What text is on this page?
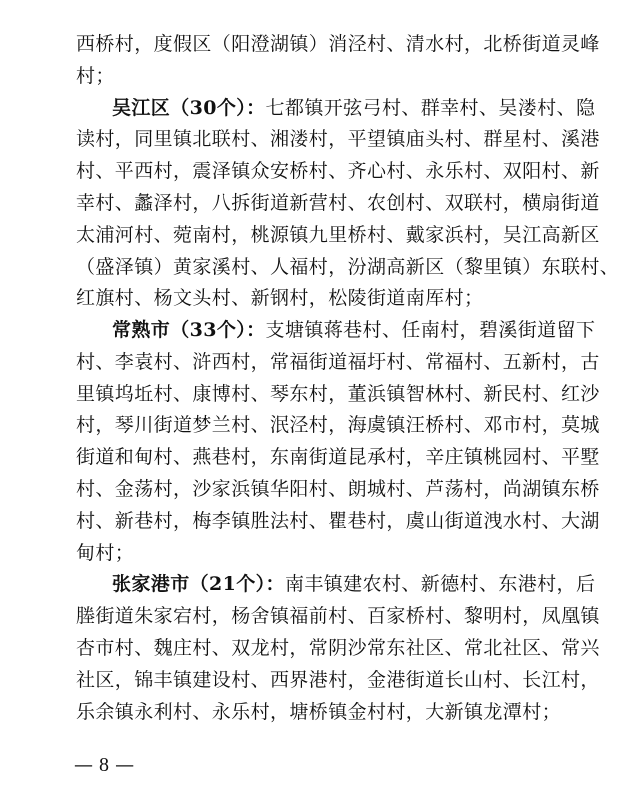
西桥村，度假区（阳澄湖镇）消泾村、清水村，北桥街道灵峰
村；
吴江区（30个）：七都镇开弦弓村、群幸村、吴溇村、隐
读村，同里镇北联村、湘溇村，平望镇庙头村、群星村、溪港
村、平西村，震泽镇众安桥村、齐心村、永乐村、双阳村、新
幸村、蠡泽村，八拆街道新营村、农创村、双联村，横扇街道
太浦河村、菀南村，桃源镇九里桥村、戴家浜村，吴江高新区
（盛泽镇）黄家溪村、人福村，汾湖高新区（黎里镇）东联村、
红旗村、杨文头村、新钢村，松陵街道南厍村；
常熟市（33个）：支塘镇蒋巷村、任南村，碧溪街道留下
村、李袁村、浒西村，常福街道福圩村、常福村、五新村，古
里镇坞坵村、康博村、琴东村，董浜镇智林村、新民村、红沙
村，琴川街道梦兰村、泯泾村，海虞镇汪桥村、邓市村，莫城
街道和甸村、燕巷村，东南街道昆承村，辛庄镇桃园村、平墅
村、金荡村，沙家浜镇华阳村、朗城村、芦荡村，尚湖镇东桥
村、新巷村，梅李镇胜法村、瞿巷村，虞山街道洩水村、大湖
甸村；
张家港市（21个）：南丰镇建农村、新德村、东港村，后
塍街道朱家宕村，杨舍镇福前村、百家桥村、黎明村，凤凰镇
杏市村、魏庄村、双龙村，常阴沙常东社区、常北社区、常兴
社区，锦丰镇建设村、西界港村，金港街道长山村、长江村，
乐余镇永利村、永乐村，塘桥镇金村村，大新镇龙潭村；
— 8 —
